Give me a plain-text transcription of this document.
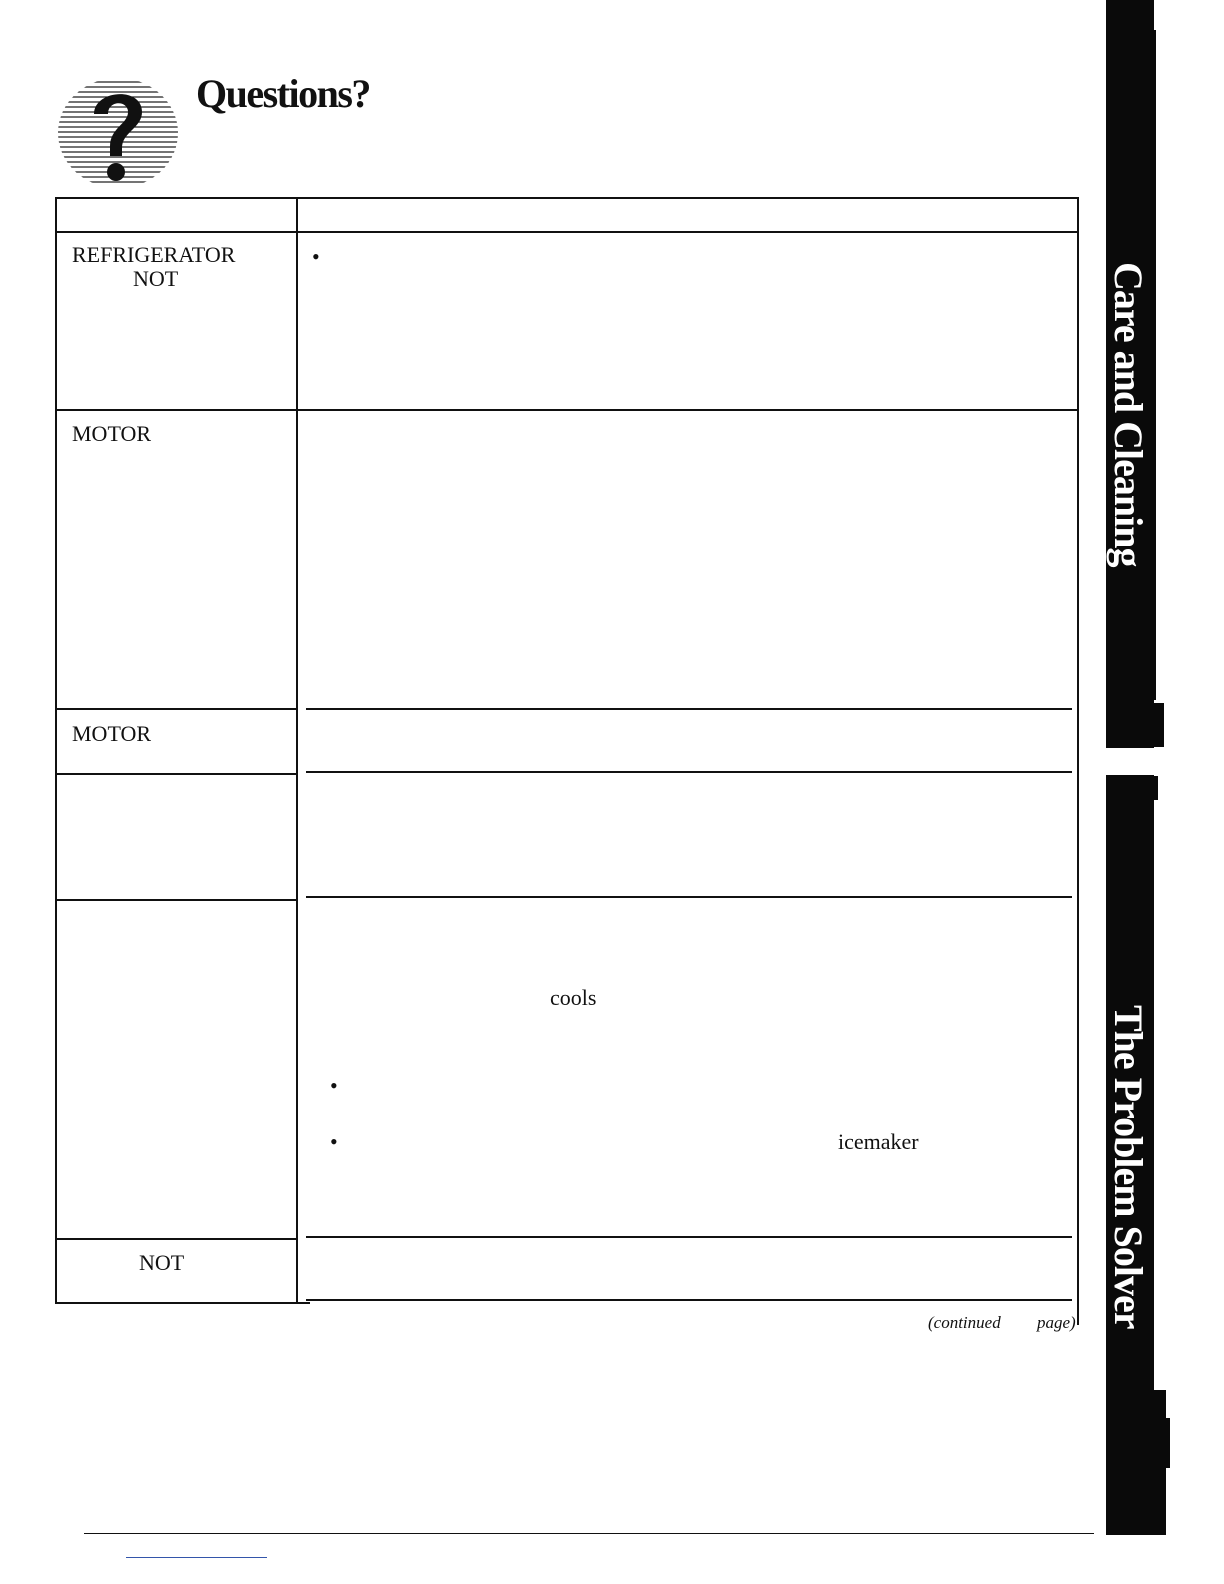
Questions?
REFRIGERATOR
NOT
•
MOTOR
MOTOR
cools
•
•	icemaker
NOT
(continued page)
Care and Cleaning
The Problem Solver
